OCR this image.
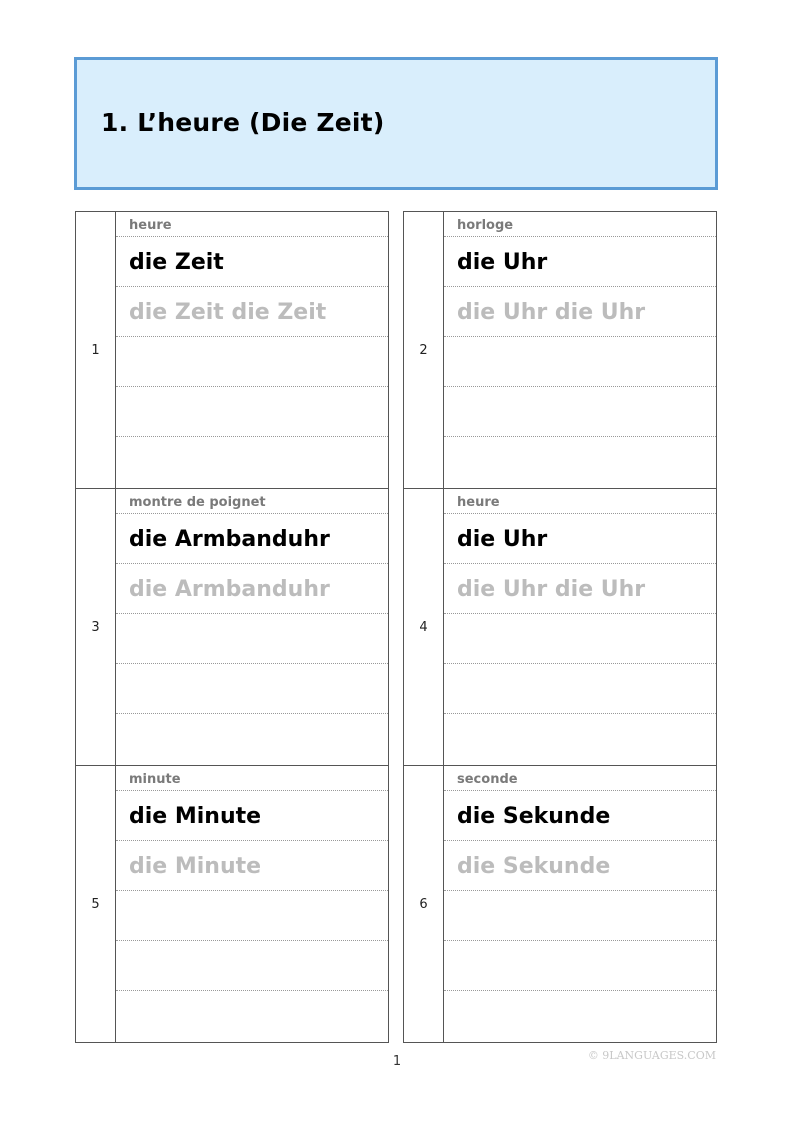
1. L’heure (Die Zeit)
1
heure
die Zeit
die Zeit die Zeit
2
horloge
die Uhr
die Uhr die Uhr
3
montre de poignet
die Armbanduhr
die Armbanduhr
4
heure
die Uhr
die Uhr die Uhr
5
minute
die Minute
die Minute
6
seconde
die Sekunde
die Sekunde
1	© 9LANGUAGES.COM
